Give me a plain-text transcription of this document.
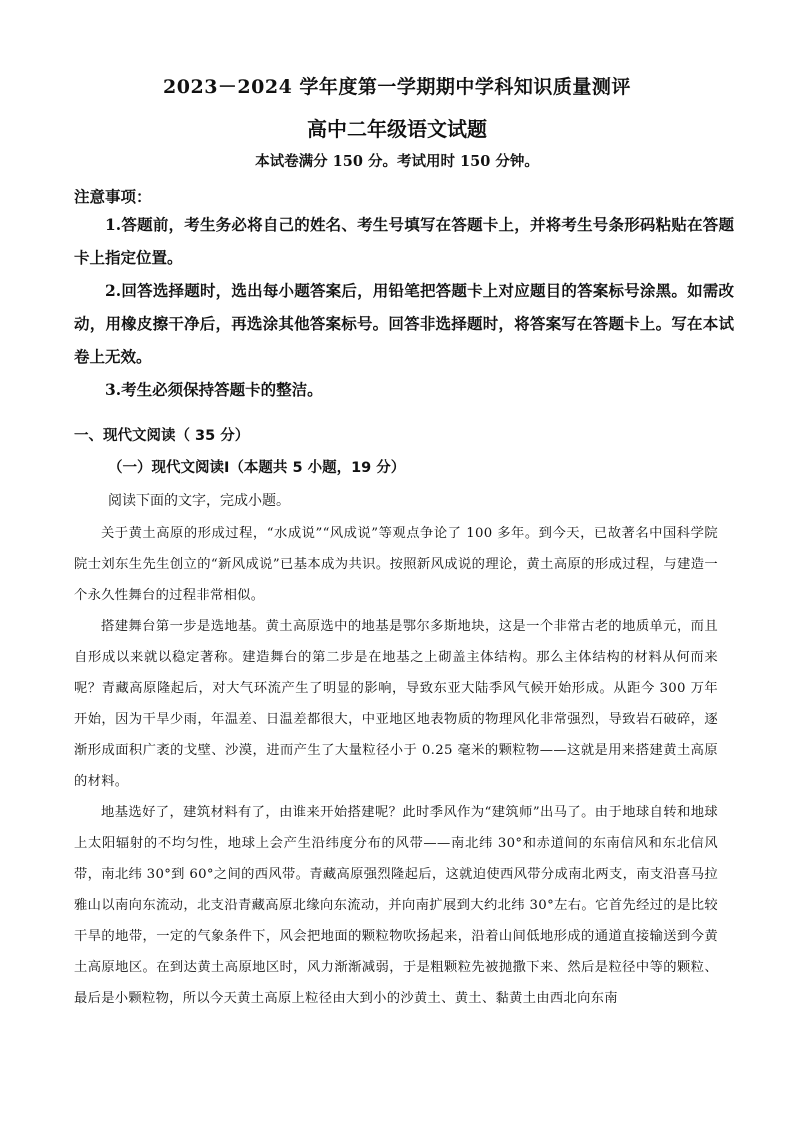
2023－2024 学年度第一学期期中学科知识质量测评
高中二年级语文试题
本试卷满分 150 分。考试用时 150 分钟。
注意事项：

1.答题前，考生务必将自己的姓名、考生号填写在答题卡上，并将考生号条形码粘贴在答题卡上指定位置。

2.回答选择题时，选出每小题答案后，用铅笔把答题卡上对应题目的答案标号涂黑。如需改动，用橡皮擦干净后，再选涂其他答案标号。回答非选择题时，将答案写在答题卡上。写在本试卷上无效。

3.考生必须保持答题卡的整洁。

一、现代文阅读（ 35 分）
（一）现代文阅读Ⅰ（本题共 5 小题，19 分）
阅读下面的文字，完成小题。

关于黄土高原的形成过程，“水成说”“风成说”等观点争论了 100 多年。到今天，已故著名中国科学院院士刘东生先生创立的“新风成说”已基本成为共识。按照新风成说的理论，黄土高原的形成过程，与建造一个永久性舞台的过程非常相似。

搭建舞台第一步是选地基。黄土高原选中的地基是鄂尔多斯地块，这是一个非常古老的地质单元，而且自形成以来就以稳定著称。建造舞台的第二步是在地基之上砌盖主体结构。那么主体结构的材料从何而来呢？青藏高原隆起后，对大气环流产生了明显的影响，导致东亚大陆季风气候开始形成。从距今 300 万年开始，因为干旱少雨，年温差、日温差都很大，中亚地区地表物质的物理风化非常强烈，导致岩石破碎，逐渐形成面积广袤的戈壁、沙漠，进而产生了大量粒径小于 0.25 毫米的颗粒物——这就是用来搭建黄土高原的材料。

地基选好了，建筑材料有了，由谁来开始搭建呢？此时季风作为“建筑师”出马了。由于地球自转和地球上太阳辐射的不均匀性，地球上会产生沿纬度分布的风带——南北纬 30°和赤道间的东南信风和东北信风带，南北纬 30°到 60°之间的西风带。青藏高原强烈隆起后，这就迫使西风带分成南北两支，南支沿喜马拉雅山以南向东流动，北支沿青藏高原北缘向东流动，并向南扩展到大约北纬 30°左右。它首先经过的是比较干旱的地带，一定的气象条件下，风会把地面的颗粒物吹扬起来，沿着山间低地形成的通道直接输送到今黄土高原地区。在到达黄土高原地区时，风力渐渐减弱，于是粗颗粒先被抛撒下来、然后是粒径中等的颗粒、最后是小颗粒物，所以今天黄土高原上粒径由大到小的沙黄土、黄土、黏黄土由西北向东南
